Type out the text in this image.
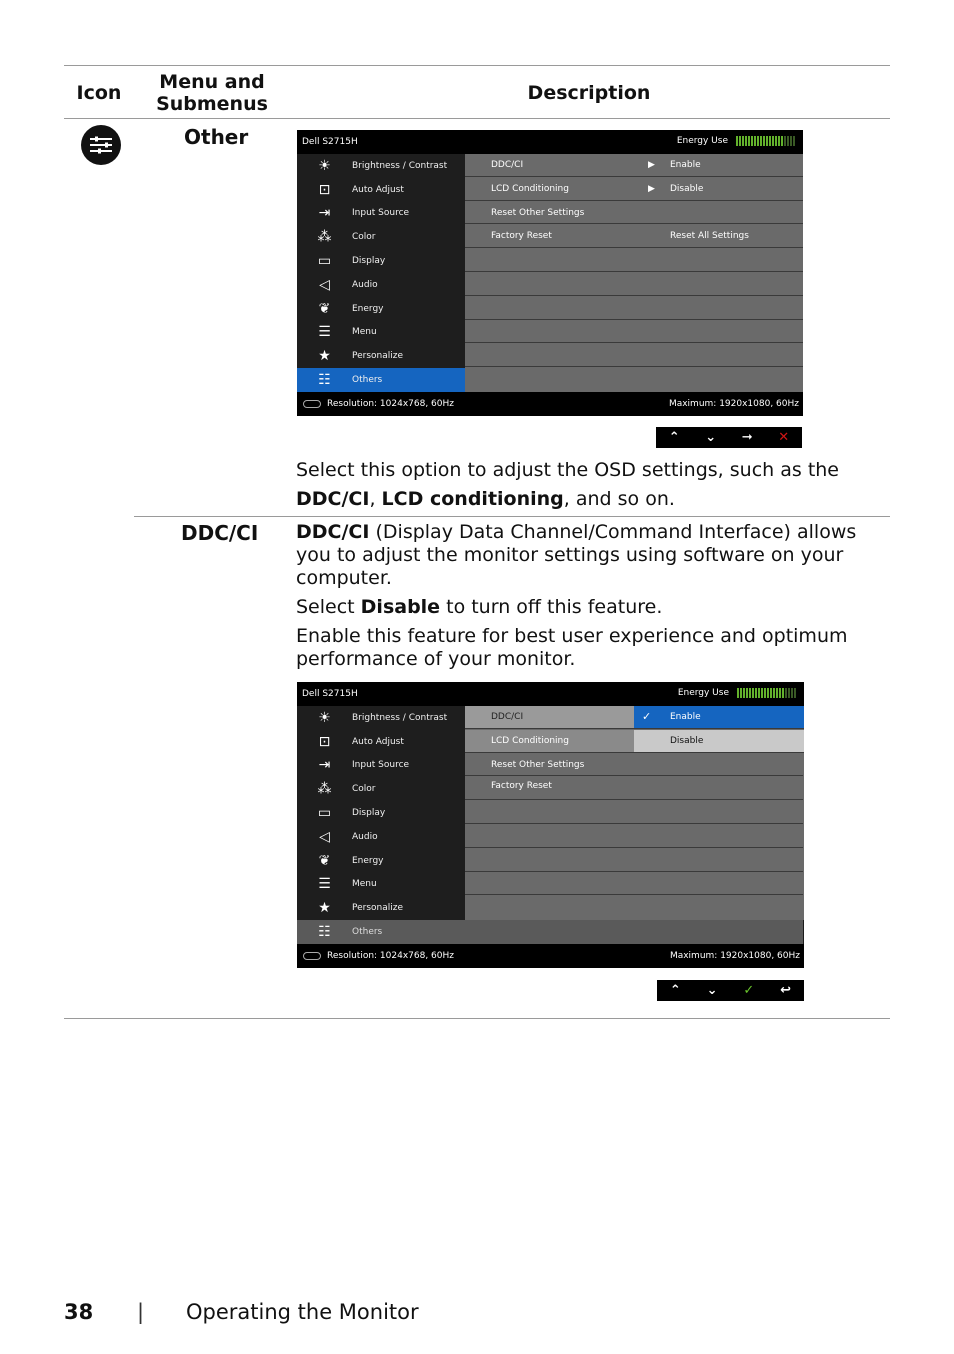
Icon	Menu and Submenus	Description
Other	Dell S2715H	Energy Use
☀	Brightness / Contrast
⊡	Auto Adjust
⇥	Input Source
⁂	Color
▭	Display
◁	Audio
❦	Energy
☰	Menu
★	Personalize
☷	Others
DDC/CI	▶ Enable
LCD Conditioning	▶ Disable
Reset Other Settings
Factory Reset	Reset All Settings
Resolution: 1024x768, 60Hz	Maximum: 1920x1080, 60Hz
⌃	⌄	➞	✕
Select this option to adjust the OSD settings, such as the
DDC/CI, LCD conditioning, and so on.
DDC/CI DDC/CI (Display Data Channel/Command Interface) allows you to adjust the monitor settings using software on your computer.
Select Disable to turn off this feature.
Enable this feature for best user experience and optimum performance of your monitor.
Dell S2715H	Energy Use
☀	Brightness / Contrast
⊡	Auto Adjust
⇥	Input Source
⁂	Color
▭	Display
◁	Audio
❦	Energy
☰	Menu
★	Personalize
☷	Others
DDC/CI
LCD Conditioning
✓ Enable
Disable
Reset Other Settings
Factory Reset
Resolution: 1024x768, 60Hz	Maximum: 1920x1080, 60Hz
⌃	⌄	✓	↩
38 | Operating the Monitor
